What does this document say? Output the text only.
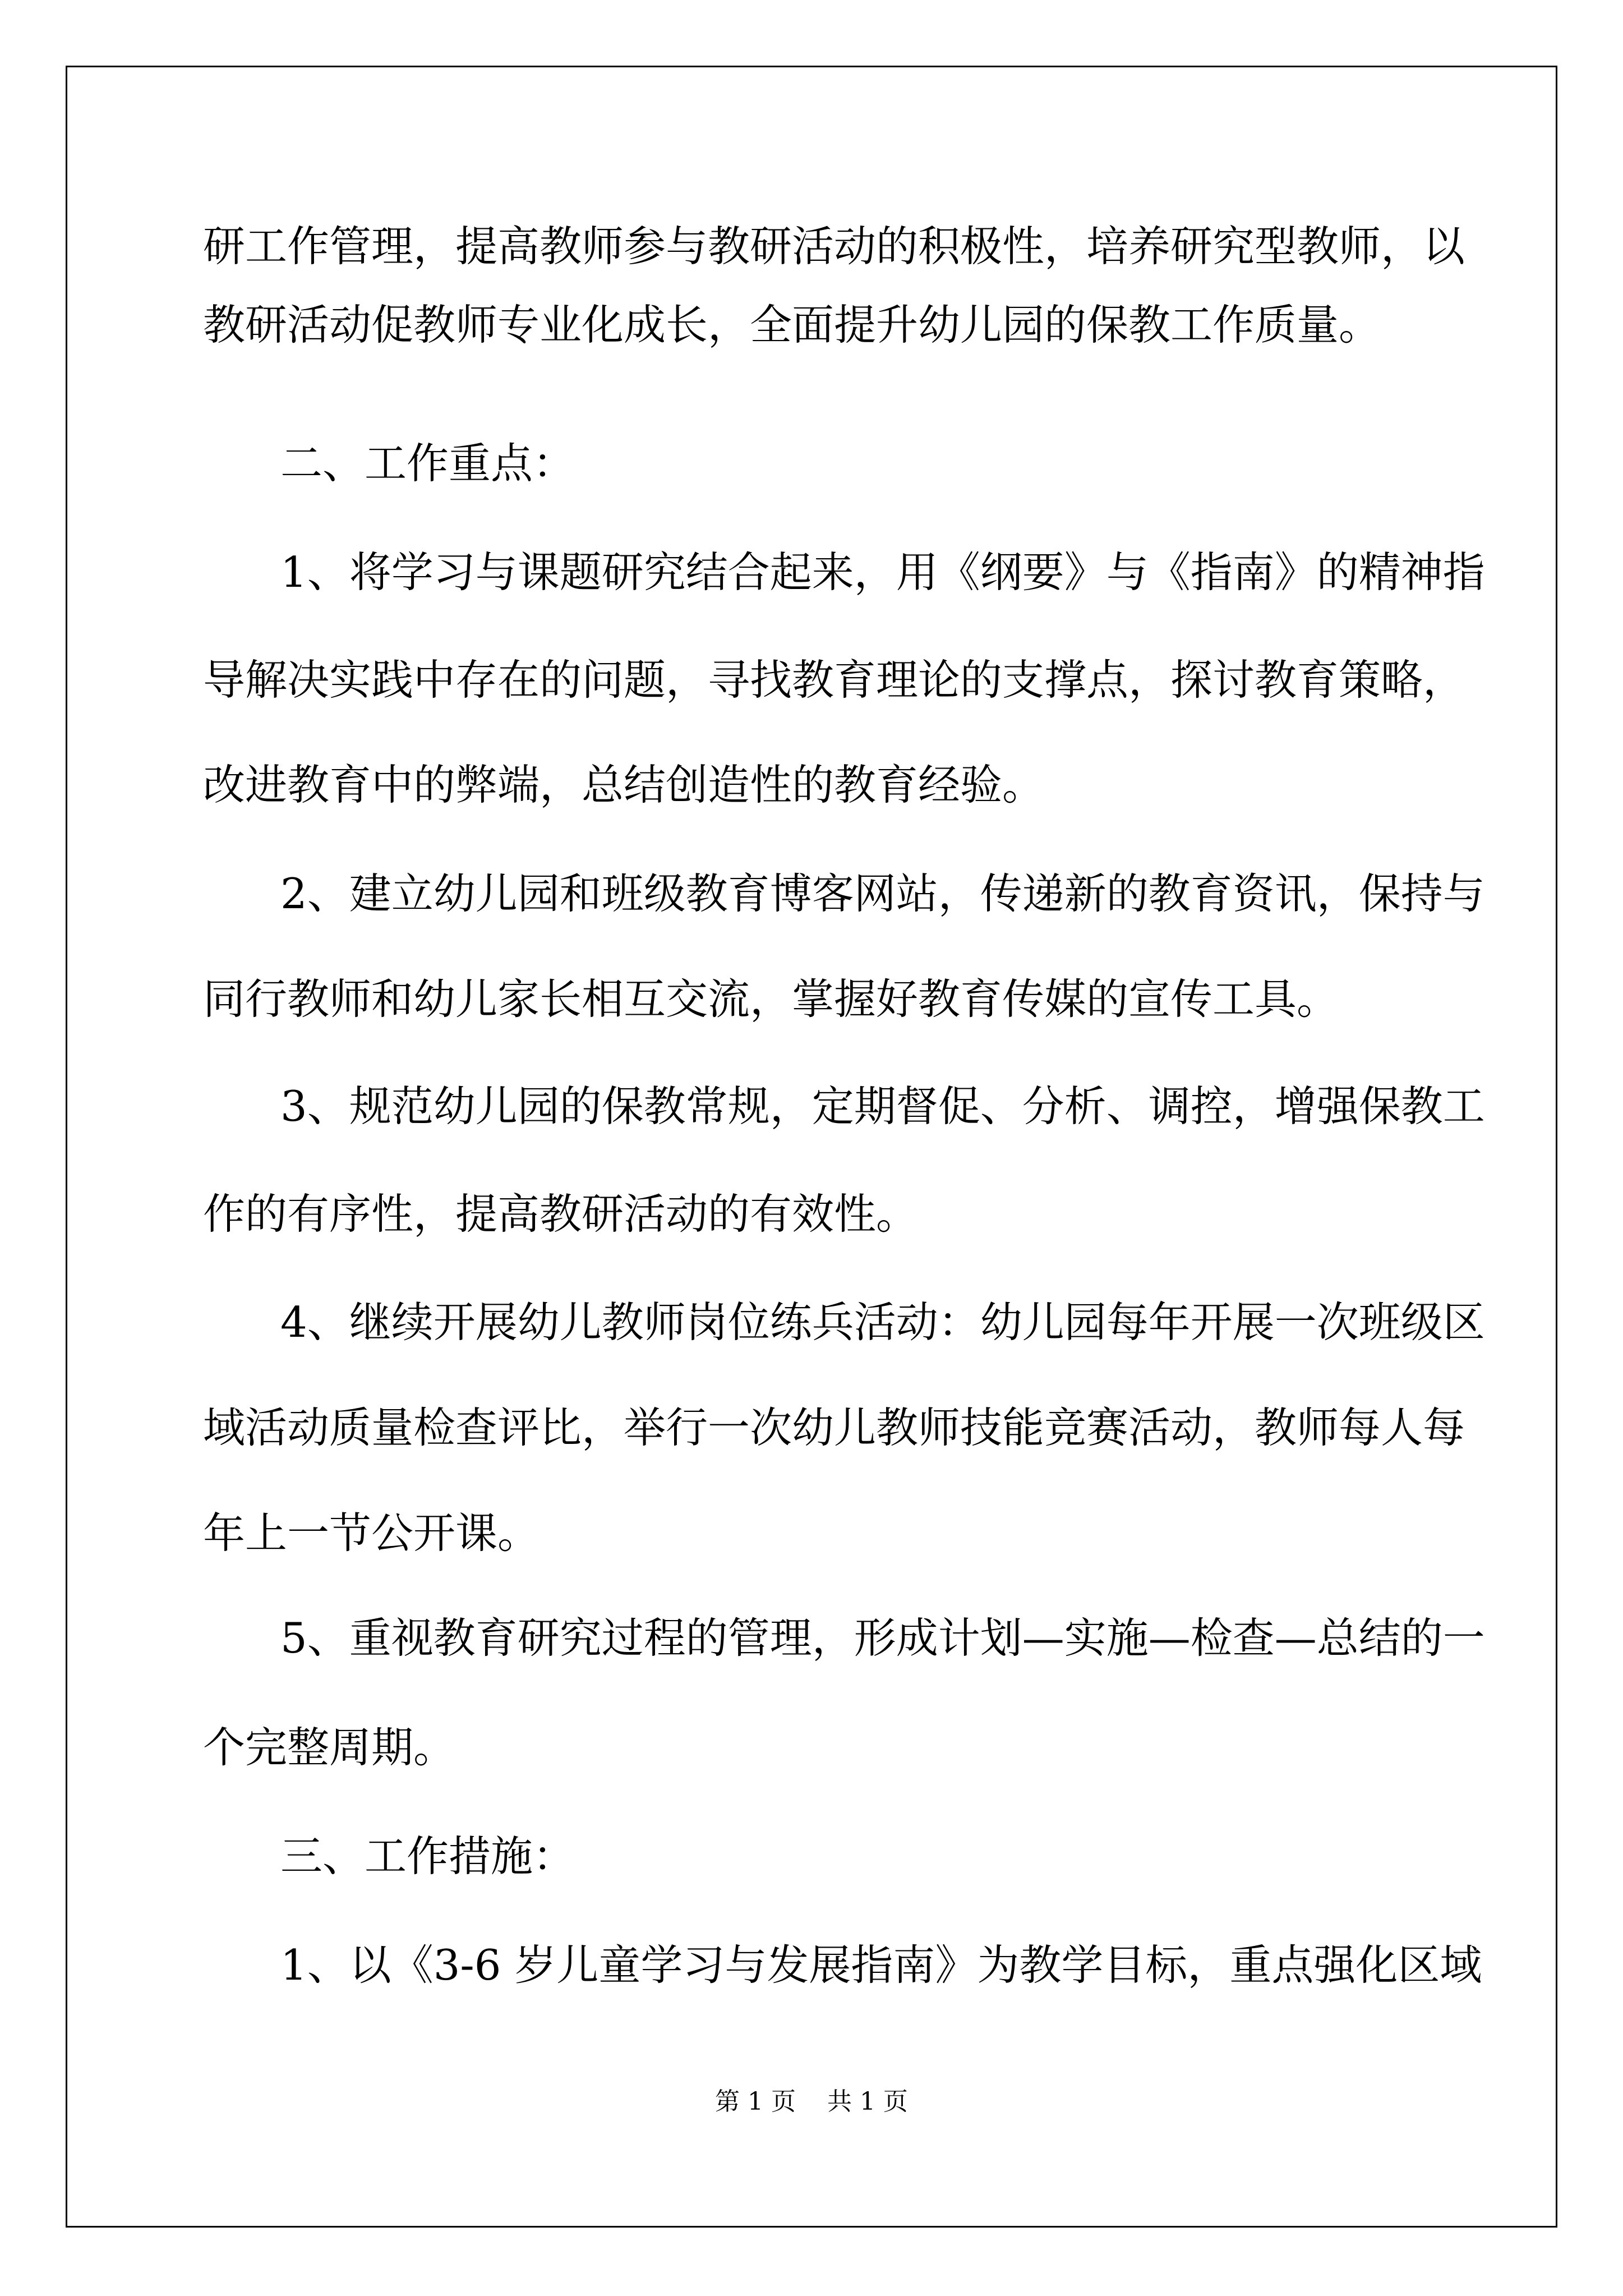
研工作管理，提高教师参与教研活动的积极性，培养研究型教师，以

教研活动促教师专业化成长，全面提升幼儿园的保教工作质量。

二、工作重点：

1、将学习与课题研究结合起来，用《纲要》与《指南》的精神指

导解决实践中存在的问题，寻找教育理论的支撑点，探讨教育策略，

改进教育中的弊端，总结创造性的教育经验。

2、建立幼儿园和班级教育博客网站，传递新的教育资讯，保持与

同行教师和幼儿家长相互交流，掌握好教育传媒的宣传工具。

3、规范幼儿园的保教常规，定期督促、分析、调控，增强保教工

作的有序性，提高教研活动的有效性。

4、继续开展幼儿教师岗位练兵活动：幼儿园每年开展一次班级区

域活动质量检查评比，举行一次幼儿教师技能竞赛活动，教师每人每

年上一节公开课。

5、重视教育研究过程的管理，形成计划—实施—检查—总结的一

个完整周期。

三、工作措施：

1、以《3-6 岁儿童学习与发展指南》为教学目标，重点强化区域

第 1 页    共 1 页
